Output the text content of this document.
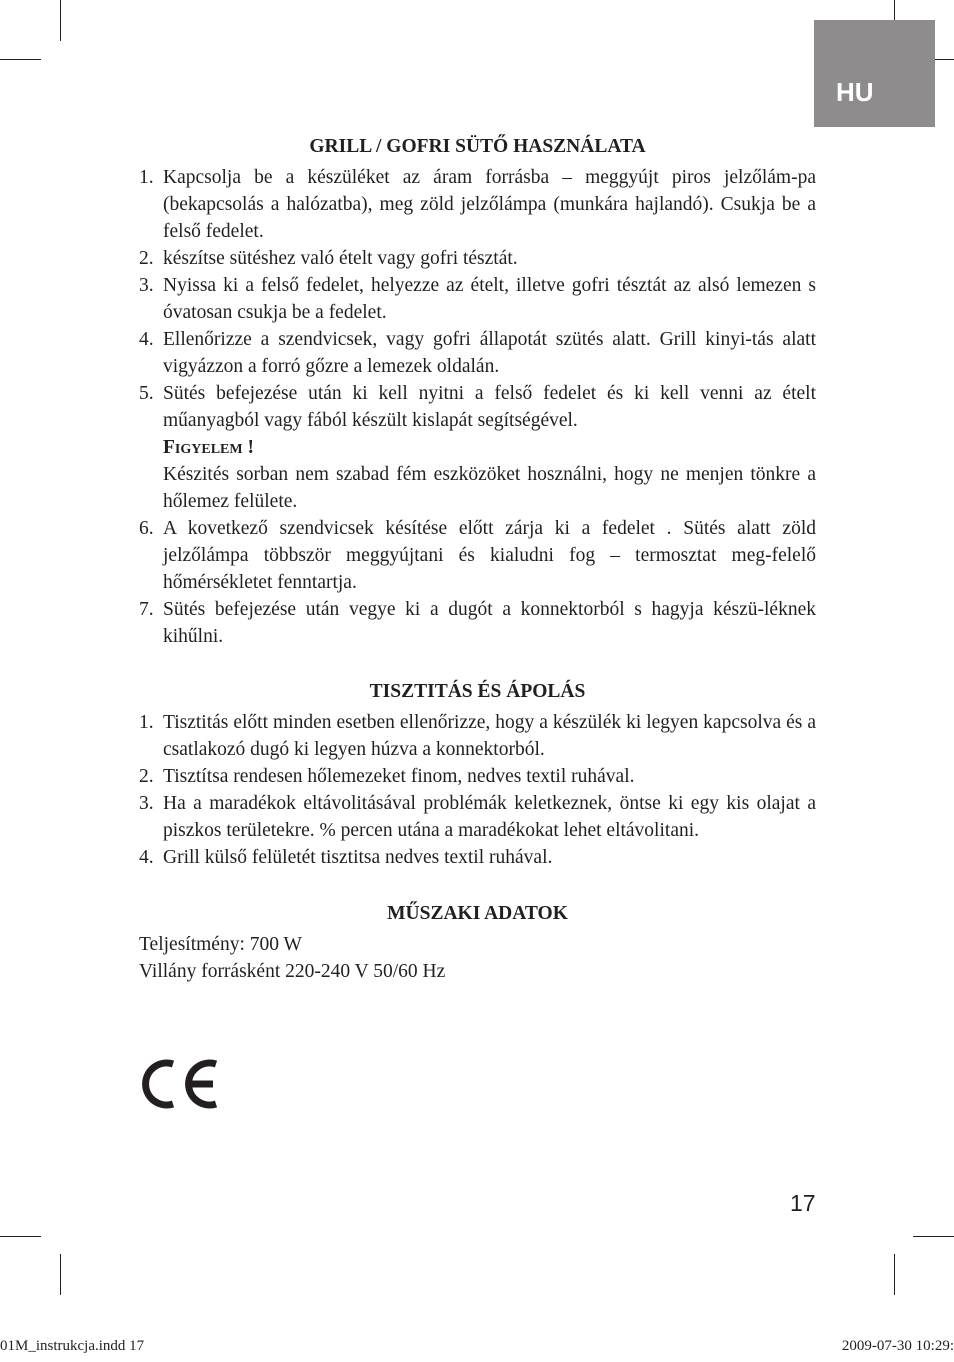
HU
GRILL / GOFRI SÜTŐ HASZNÁLATA
1. Kapcsolja be a készüléket az áram forrásba – meggyújt piros jelzőlám-pa (bekapcsolás a halózatba), meg zöld jelzőlámpa (munkára hajlandó). Csukja be a felső fedelet.
2. készítse sütéshez való ételt vagy gofri tésztát.
3. Nyissa ki a felső fedelet, helyezze az ételt, illetve gofri tésztát az alsó lemezen s óvatosan csukja be a fedelet.
4. Ellenőrizze a szendvicsek, vagy gofri állapotát szütés alatt. Grill kinyi-tás alatt vigyázzon a forró gőzre a lemezek oldalán.
5. Sütés befejezése után ki kell nyitni a felső fedelet és ki kell venni az ételt műanyagból vagy fából készült kislapát segítségével.
Figyelem !
Készités sorban nem szabad fém eszközöket hosználni, hogy ne menjen tönkre a hőlemez felülete.
6. A kovetkező szendvicsek késítése előtt zárja ki a fedelet . Sütés alatt zöld jelzőlámpa többször meggyújtani és kialudni fog – termosztat meg-felelő hőmérsékletet fenntartja.
7. Sütés befejezése után vegye ki a dugót a konnektorból s hagyja készü-léknek kihűlni.
TISZTITÁS ÉS ÁPOLÁS
1. Tisztitás előtt minden esetben ellenőrizze, hogy a készülék ki legyen kapcsolva és a csatlakozó dugó ki legyen húzva a konnektorból.
2. Tisztítsa rendesen hőlemezeket finom, nedves textil ruhával.
3. Ha a maradékok eltávolitásával problémák keletkeznek, öntse ki egy kis olajat a piszkos területekre. % percen utána a maradékokat lehet eltávolitani.
4. Grill külső felületét tisztitsa nedves textil ruhával.
MŰSZAKI ADATOK
Teljesítmény: 700 W
Villány forrásként 220-240 V 50/60 Hz
17
01M_instrukcja.indd 17	2009-07-30 10:29:
